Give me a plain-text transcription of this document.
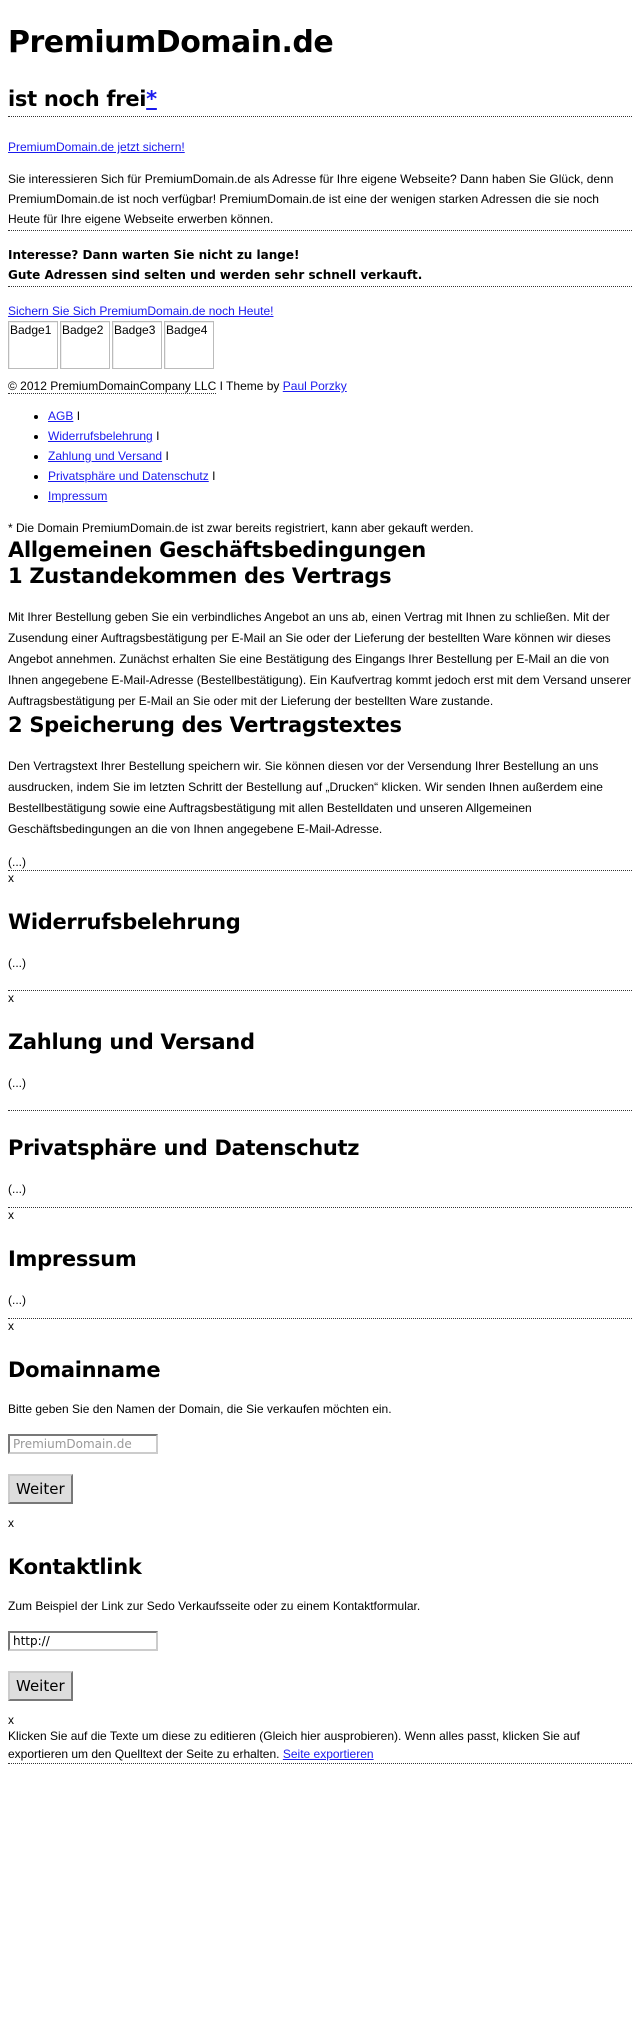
PremiumDomain.de
ist noch frei*

PremiumDomain.de jetzt sichern!

Sie interessieren Sich für PremiumDomain.de als Adresse für Ihre eigene Webseite? Dann haben Sie Glück, denn PremiumDomain.de ist noch verfügbar! PremiumDomain.de ist eine der wenigen starken Adressen die sie noch Heute für Ihre eigene Webseite erwerben können.

Interesse? Dann warten Sie nicht zu lange!
Gute Adressen sind selten und werden sehr schnell verkauft.

Sichern Sie Sich PremiumDomain.de noch Heute!

Badge1 Badge2 Badge3 Badge4

© 2012 PremiumDomainCompany LLC I Theme by Paul Porzky

• AGB I
• Widerrufsbelehrung I
• Zahlung und Versand I
• Privatsphäre und Datenschutz I
• Impressum

* Die Domain PremiumDomain.de ist zwar bereits registriert, kann aber gekauft werden.

Allgemeinen Geschäftsbedingungen
1 Zustandekommen des Vertrags

Mit Ihrer Bestellung geben Sie ein verbindliches Angebot an uns ab, einen Vertrag mit Ihnen zu schließen. Mit der Zusendung einer Auftragsbestätigung per E-Mail an Sie oder der Lieferung der bestellten Ware können wir dieses Angebot annehmen. Zunächst erhalten Sie eine Bestätigung des Eingangs Ihrer Bestellung per E-Mail an die von Ihnen angegebene E-Mail-Adresse (Bestellbestätigung). Ein Kaufvertrag kommt jedoch erst mit dem Versand unserer Auftragsbestätigung per E-Mail an Sie oder mit der Lieferung der bestellten Ware zustande.

2 Speicherung des Vertragstextes

Den Vertragstext Ihrer Bestellung speichern wir. Sie können diesen vor der Versendung Ihrer Bestellung an uns ausdrucken, indem Sie im letzten Schritt der Bestellung auf „Drucken“ klicken. Wir senden Ihnen außerdem eine Bestellbestätigung sowie eine Auftragsbestätigung mit allen Bestelldaten und unseren Allgemeinen Geschäftsbedingungen an die von Ihnen angegebene E-Mail-Adresse.

(...)

x
Widerrufsbelehrung

(...)

x
Zahlung und Versand

(...)

Privatsphäre und Datenschutz

(...)

x
Impressum

(...)

x
Domainname

Bitte geben Sie den Namen der Domain, die Sie verkaufen möchten ein.

PremiumDomain.de
Weiter
x
Kontaktlink

Zum Beispiel der Link zur Sedo Verkaufsseite oder zu einem Kontaktformular.

http://
Weiter
x

Klicken Sie auf die Texte um diese zu editieren (Gleich hier ausprobieren). Wenn alles passt, klicken Sie auf exportieren um den Quelltext der Seite zu erhalten. Seite exportieren
